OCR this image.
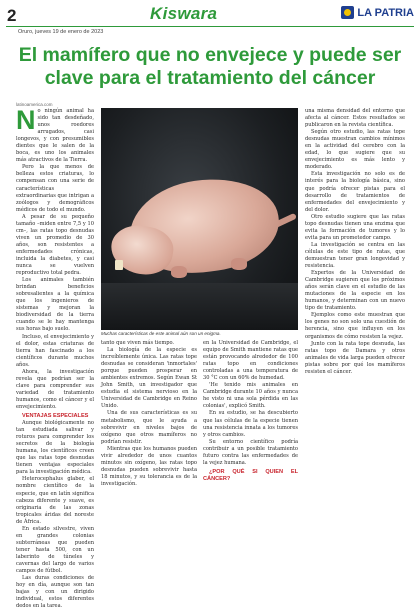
2	Kiswara	LA PATRIA
Oruro, jueves 19 de enero de 2023
El mamífero que no envejece y puede ser clave para el tratamiento del cáncer
latinoamerica.com
N o ningún animal ha sido tan desdeñado, unos roedores arrugados, casi longevos, y con presumibles dientes que le salen de la boca, es uno los animales más atractivos de la Tierra.

Pero la que menos de belleza estos criaturas, lo compensan con una serie de características extraordinarias que intrigan a zoólogos y demográficos médicos de todo el mundo.

A pesar de su pequeño tamaño –miden entre 7,5 y 10 cm–, las ratas topo desnudas viven un promedio de 30 años, son resistentes a enfermedades crónicas, incluida la diabetes, y casi nunca se vuelven reproductivo total pedra.

Los animales también brindan beneficios sobresalientes a la química que los ingenieros de sistemas y mejoran la biodiversidad de la tierra cuando se le hay mantenga sus horas bajo suelo.

Incluso, el envejecimiento y el dolor, estas criaturas de tierra han fascinado a los científicos durante muchos años.

Ahora, la investigación revela que podrían ser la clave para comprender sus variedad de tratamiento humanos, como el cáncer y el envejecimiento.

VENTAJAS ESPECIALES

Aunque biológicamente no tan estudiada salivar y roturos para comprender los secretos de la biología humana, los científicos creen que las ratas tope desnudas tienen ventajas especiales para la investigación médica.

Heterocephalus glaber, el nombre científico de la especie, que en latín significa cabeza diferente y suave, es originaria de las zonas tropicales áridas del noreste de África.

En estado silvestre, viven en grandes colonias subterráneas que pueden tener hasta 500, con un laberinto de túneles y cavernas del largo de varios campos de fútbol.

Las duras condiciones de hoy en día, aunque son tan bajas y con un dirigido individual, estos diferentes dedos en la tarea.

Muchas características de este animal aún son un enigma.

tanto que viven más tiempo.

La biología de la especie es increíblemente única. Las ratas tope desnudas se consideran 'inmortales' porque pueden prosperar en ambientes extremos. Según Ewan St John Smith, un investigador que estudia el sistema nervioso en la Universidad de Cambridge en Reino Unido.

Una de sus características es su metabolismo, que le ayuda a sobrevivir en niveles bajos de oxígeno que otros mamíferos no podrían resistir.

Mientras que los humanos pueden vivir alrededor de unos cuantos minutos sin oxígeno, las ratas topo desnudas pueden sobrevivir hasta 18 minutos, y su tolerancia es de la investigación.

en la Universidad de Cambridge, el equipo de Smith mantiene ratas que están provocando alrededor de 100 ratas topo en condiciones controladas a una temperatura de 30 °C con un 60% de humedad.

'He tenido mis animales en Cambridge durante 10 años y nunca he visto ni una sola pérdida en las colonias', explicó Smith.

En su estudio, se ha descubierto que las células de la especie tienen una resistencia innata a los tumores y otros cambios.

Su entorno científico podría contribuir a un posible tratamiento futuro contra las enfermedades de la vejez humana.

¿POR QUÉ SI QUIEN EL CÁNCER?

una misma densidad del entorno que afecta al cáncer. Estos resultados se publicaron en la revista científica.

Según otro estudio, las ratas tope desnudas muestran cambios mínimos en la actividad del cerebro con la edad, lo que sugiere que su envejecimiento es más lento y moderado.

Esta investigación no solo es de interés para la biología básica, sino que podría ofrecer pistas para el desarrollo de tratamientos de enfermedades del envejecimiento y del dolor.

Otro estudio sugiere que las ratas topo desnudas tienen una enzima que evita la formación de tumores y lo evita para un prometedor campo.

La investigación se centra en las células de este tipo de ratas, que demuestran tener gran longevidad y resistencia.

Expertos de la Universidad de Cambridge sugieren que los próximos años serán clave en el estudio de las mutaciones de la especie en los humanos, y determinan con un nuevo tipo de tratamiento.

Ejemplos como este muestran que los genes no son solo una cuestión de herencia, sino que influyen en los organismos de cómo resisten la vejez.

Junto con la rata tope desnuda, las ratas topo de Damara y otros animales de vida larga pueden ofrecer pistas sobre por qué los mamíferos resisten el cáncer.
